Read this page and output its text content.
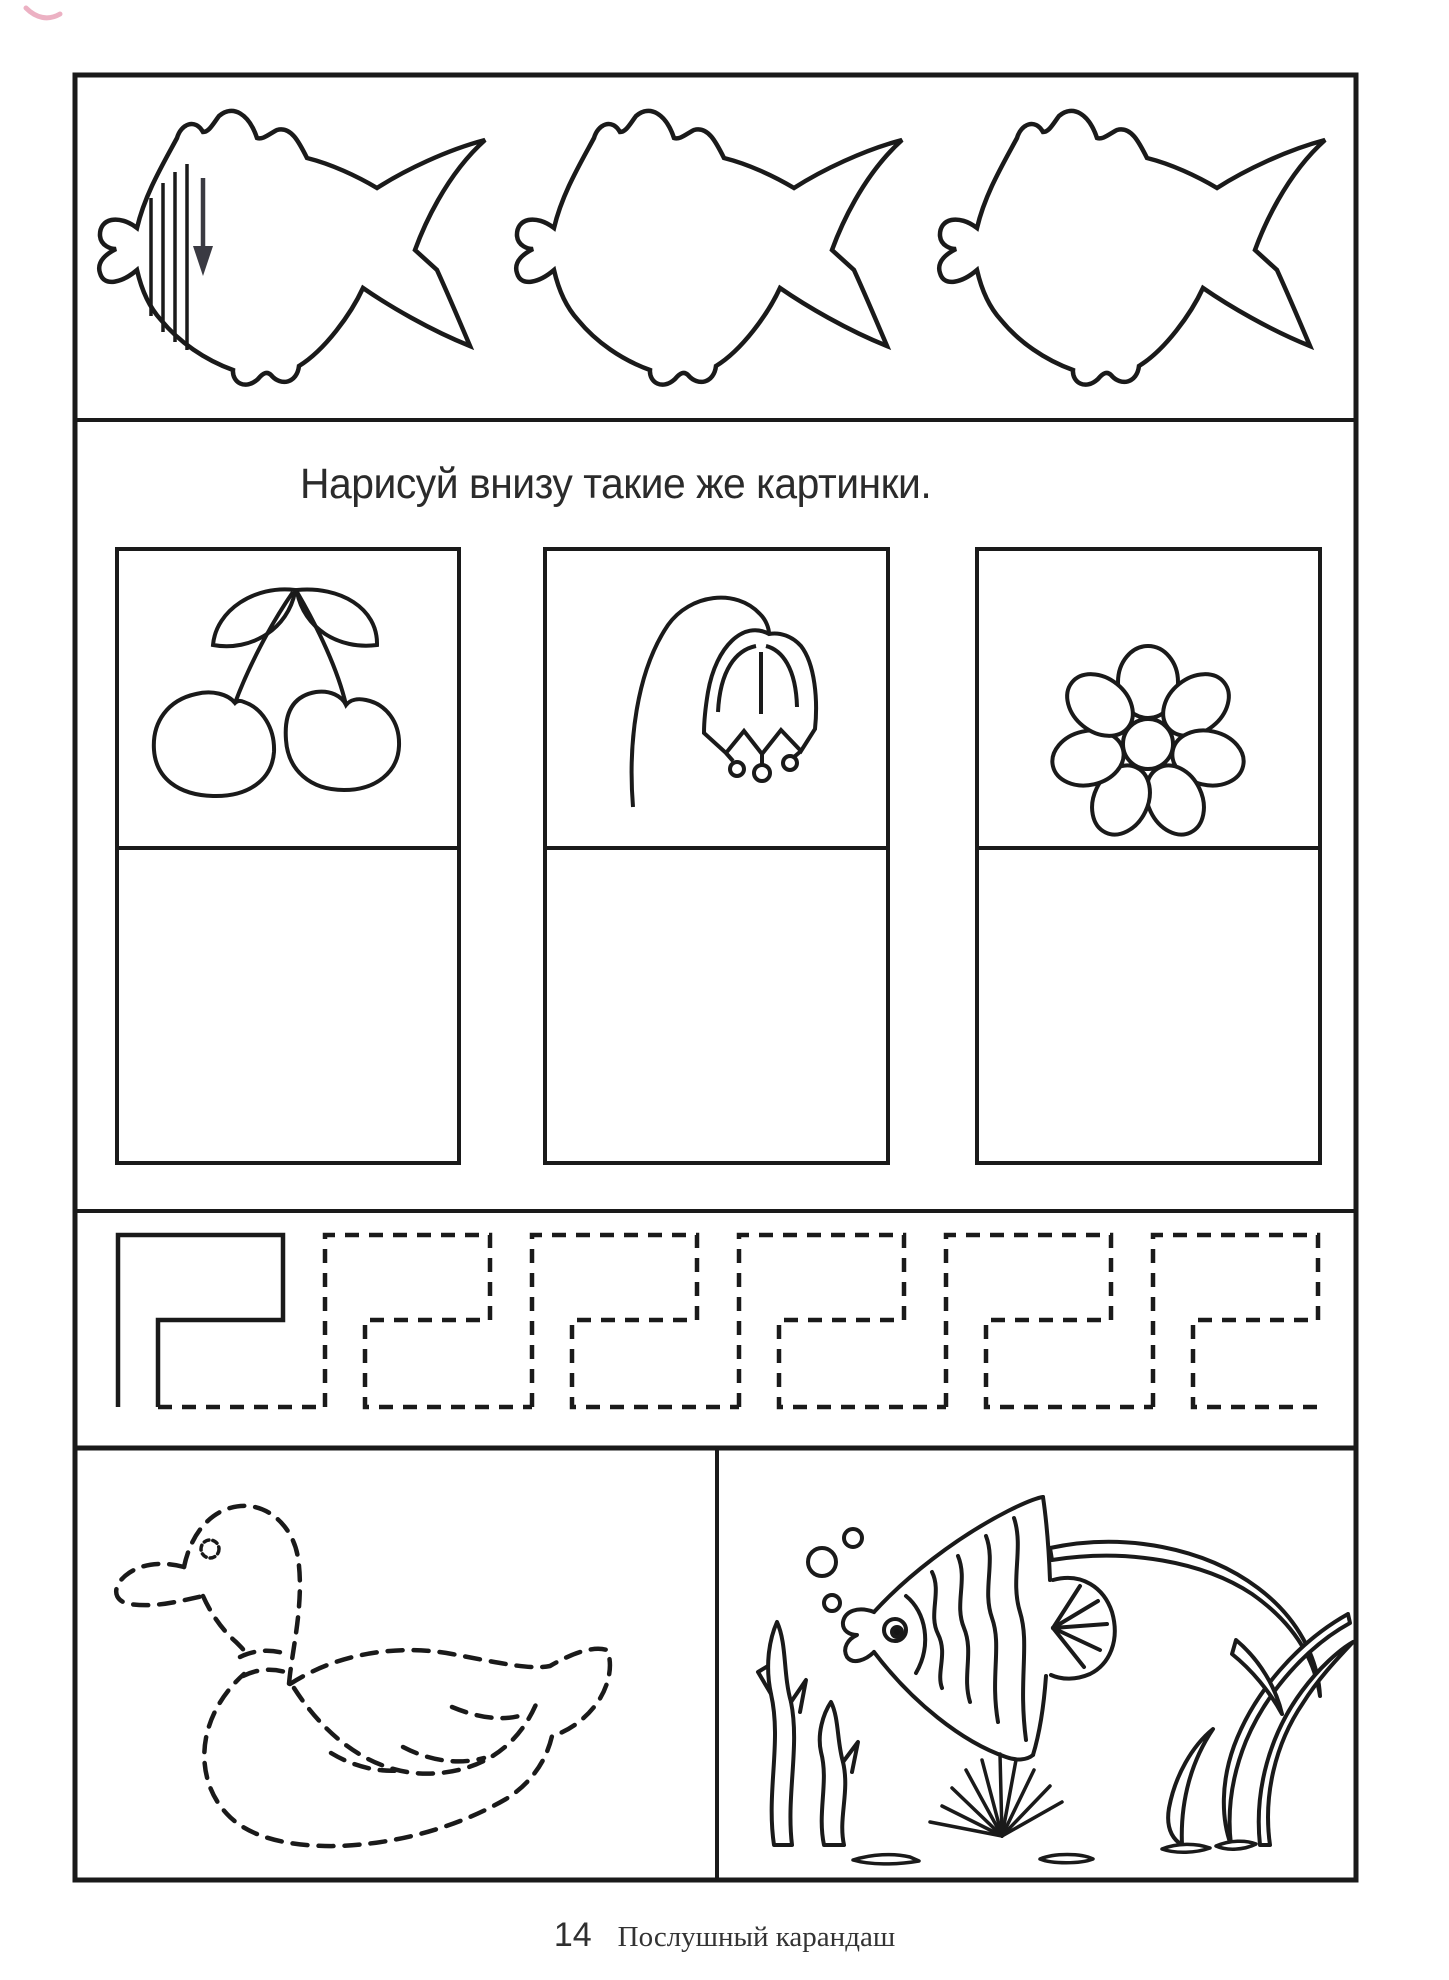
Нарисуй внизу такие же картинки.
14 Послушный карандаш
